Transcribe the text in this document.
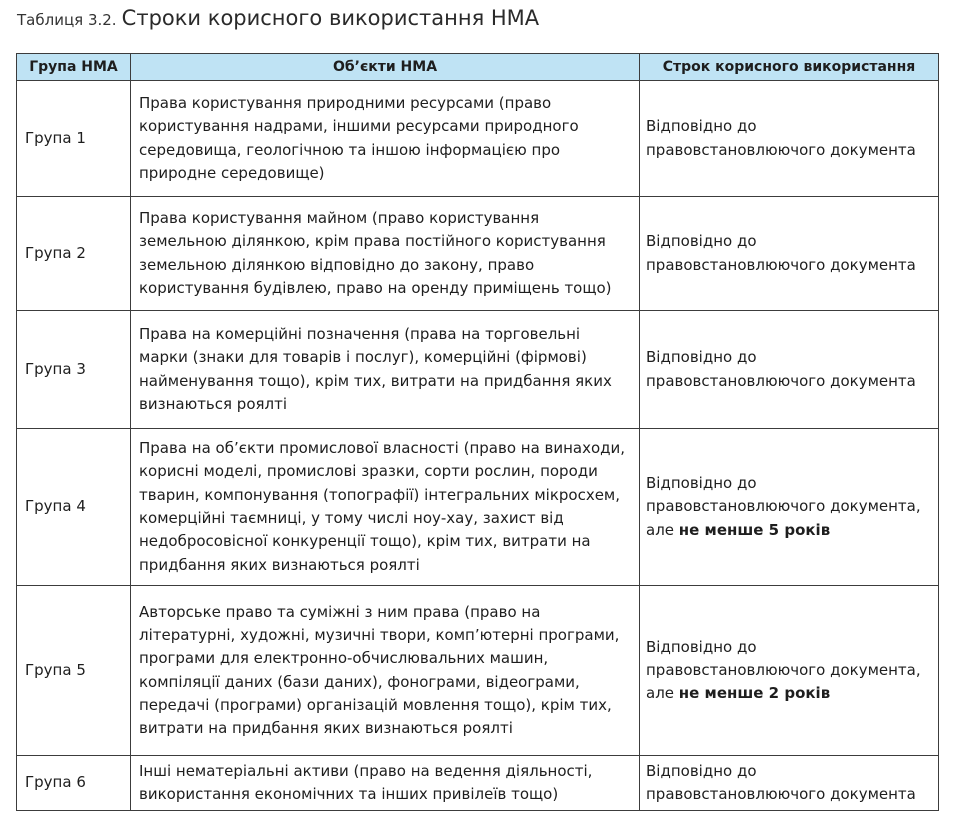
Таблиця 3.2. Строки корисного використання НМА
Група НМА	Об’єкти НМА	Строк корисного використання
Група 1	Права користування природними ресурсами (право користування надрами, іншими ресурсами природного середовища, геологічною та іншою інформацією про природне середовище)	Відповідно до правовстановлюючого документа
Група 2	Права користування майном (право користування земельною ділянкою, крім права постійного користування земельною ділянкою відповідно до закону, право користування будівлею, право на оренду приміщень тощо)	Відповідно до правовстановлюючого документа
Група 3	Права на комерційні позначення (права на торговельні марки (знаки для товарів і послуг), комерційні (фірмові) найменування тощо), крім тих, витрати на придбання яких визнаються роялті	Відповідно до правовстановлюючого документа
Група 4	Права на об’єкти промислової власності (право на винаходи, корисні моделі, промислові зразки, сорти рослин, породи тварин, компонування (топографії) інтегральних мікросхем, комерційні таємниці, у тому числі ноу-хау, захист від недобросовісної конкуренції тощо), крім тих, витрати на придбання яких визнаються роялті	Відповідно до правовстановлюючого документа, але не менше 5 років
Група 5	Авторське право та суміжні з ним права (право на літературні, художні, музичні твори, комп’ютерні програми, програми для електронно-обчислювальних машин, компіляції даних (бази даних), фонограми, відеограми, передачі (програми) організацій мовлення тощо), крім тих, витрати на придбання яких визнаються роялті	Відповідно до правовстановлюючого документа, але не менше 2 років
Група 6	Інші нематеріальні активи (право на ведення діяльності, використання економічних та інших привілеїв тощо)	Відповідно до правовстановлюючого документа
